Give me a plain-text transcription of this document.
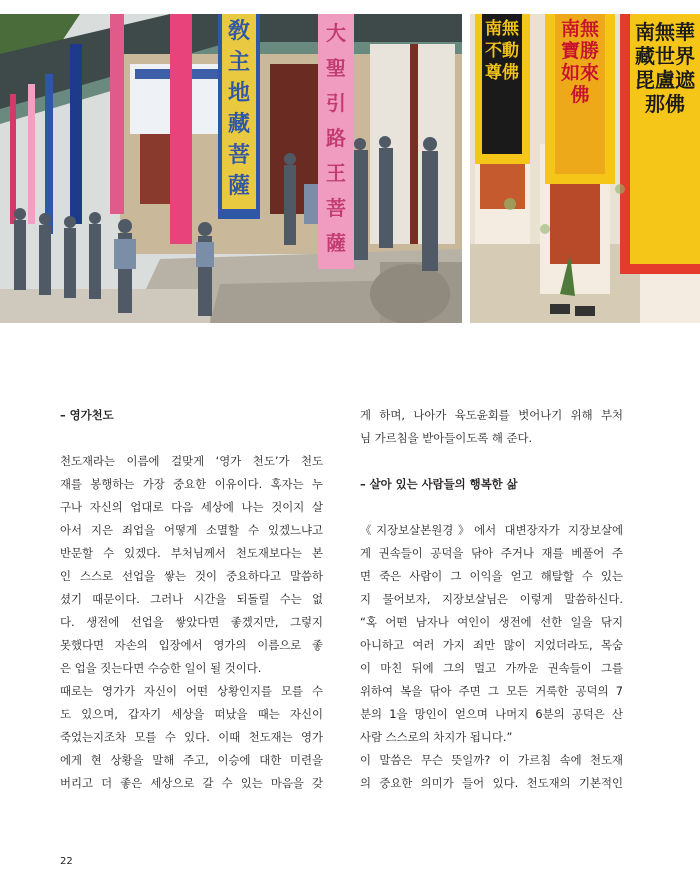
敎主地藏菩薩
大聖引路王菩薩
南無不動尊佛
南無寶勝如來佛
南無華藏世界毘盧遮那佛
– 영가천도
천도재라는 이름에 걸맞게 ‘영가 천도’가 천도
재를 봉행하는 가장 중요한 이유이다. 혹자는 누
구나 자신의 업대로 다음 세상에 나는 것이지 살
아서 지은 죄업을 어떻게 소멸할 수 있겠느냐고
반문할 수 있겠다. 부처님께서 천도재보다는 본
인 스스로 선업을 쌓는 것이 중요하다고 말씀하
셨기 때문이다. 그러나 시간을 되돌릴 수는 없
다. 생전에 선업을 쌓았다면 좋겠지만, 그렇지
못했다면 자손의 입장에서 영가의 이름으로 좋
은 업을 짓는다면 수승한 일이 될 것이다.
때로는 영가가 자신이 어떤 상황인지를 모를 수
도 있으며, 갑자기 세상을 떠났을 때는 자신이
죽었는지조차 모를 수 있다. 이때 천도재는 영가
에게 현 상황을 말해 주고, 이승에 대한 미련을
버리고 더 좋은 세상으로 갈 수 있는 마음을 갖
게 하며, 나아가 육도윤회를 벗어나기 위해 부처
님 가르침을 받아들이도록 해 준다.
– 살아 있는 사람들의 행복한 삶
《지장보살본원경》에서 대변장자가 지장보살에
게 권속들이 공덕을 닦아 주거나 재를 베풀어 주
면 죽은 사람이 그 이익을 얻고 해탈할 수 있는
지 물어보자, 지장보살님은 이렇게 말씀하신다.
“혹 어떤 남자나 여인이 생전에 선한 일을 닦지
아니하고 여러 가지 죄만 많이 지었더라도, 목숨
이 마친 뒤에 그의 멀고 가까운 권속들이 그를
위하여 복을 닦아 주면 그 모든 거룩한 공덕의 7
분의 1을 망인이 얻으며 나머지 6분의 공덕은 산
사람 스스로의 차지가 됩니다.”
이 말씀은 무슨 뜻일까? 이 가르침 속에 천도재
의 중요한 의미가 들어 있다. 천도재의 기본적인
22
